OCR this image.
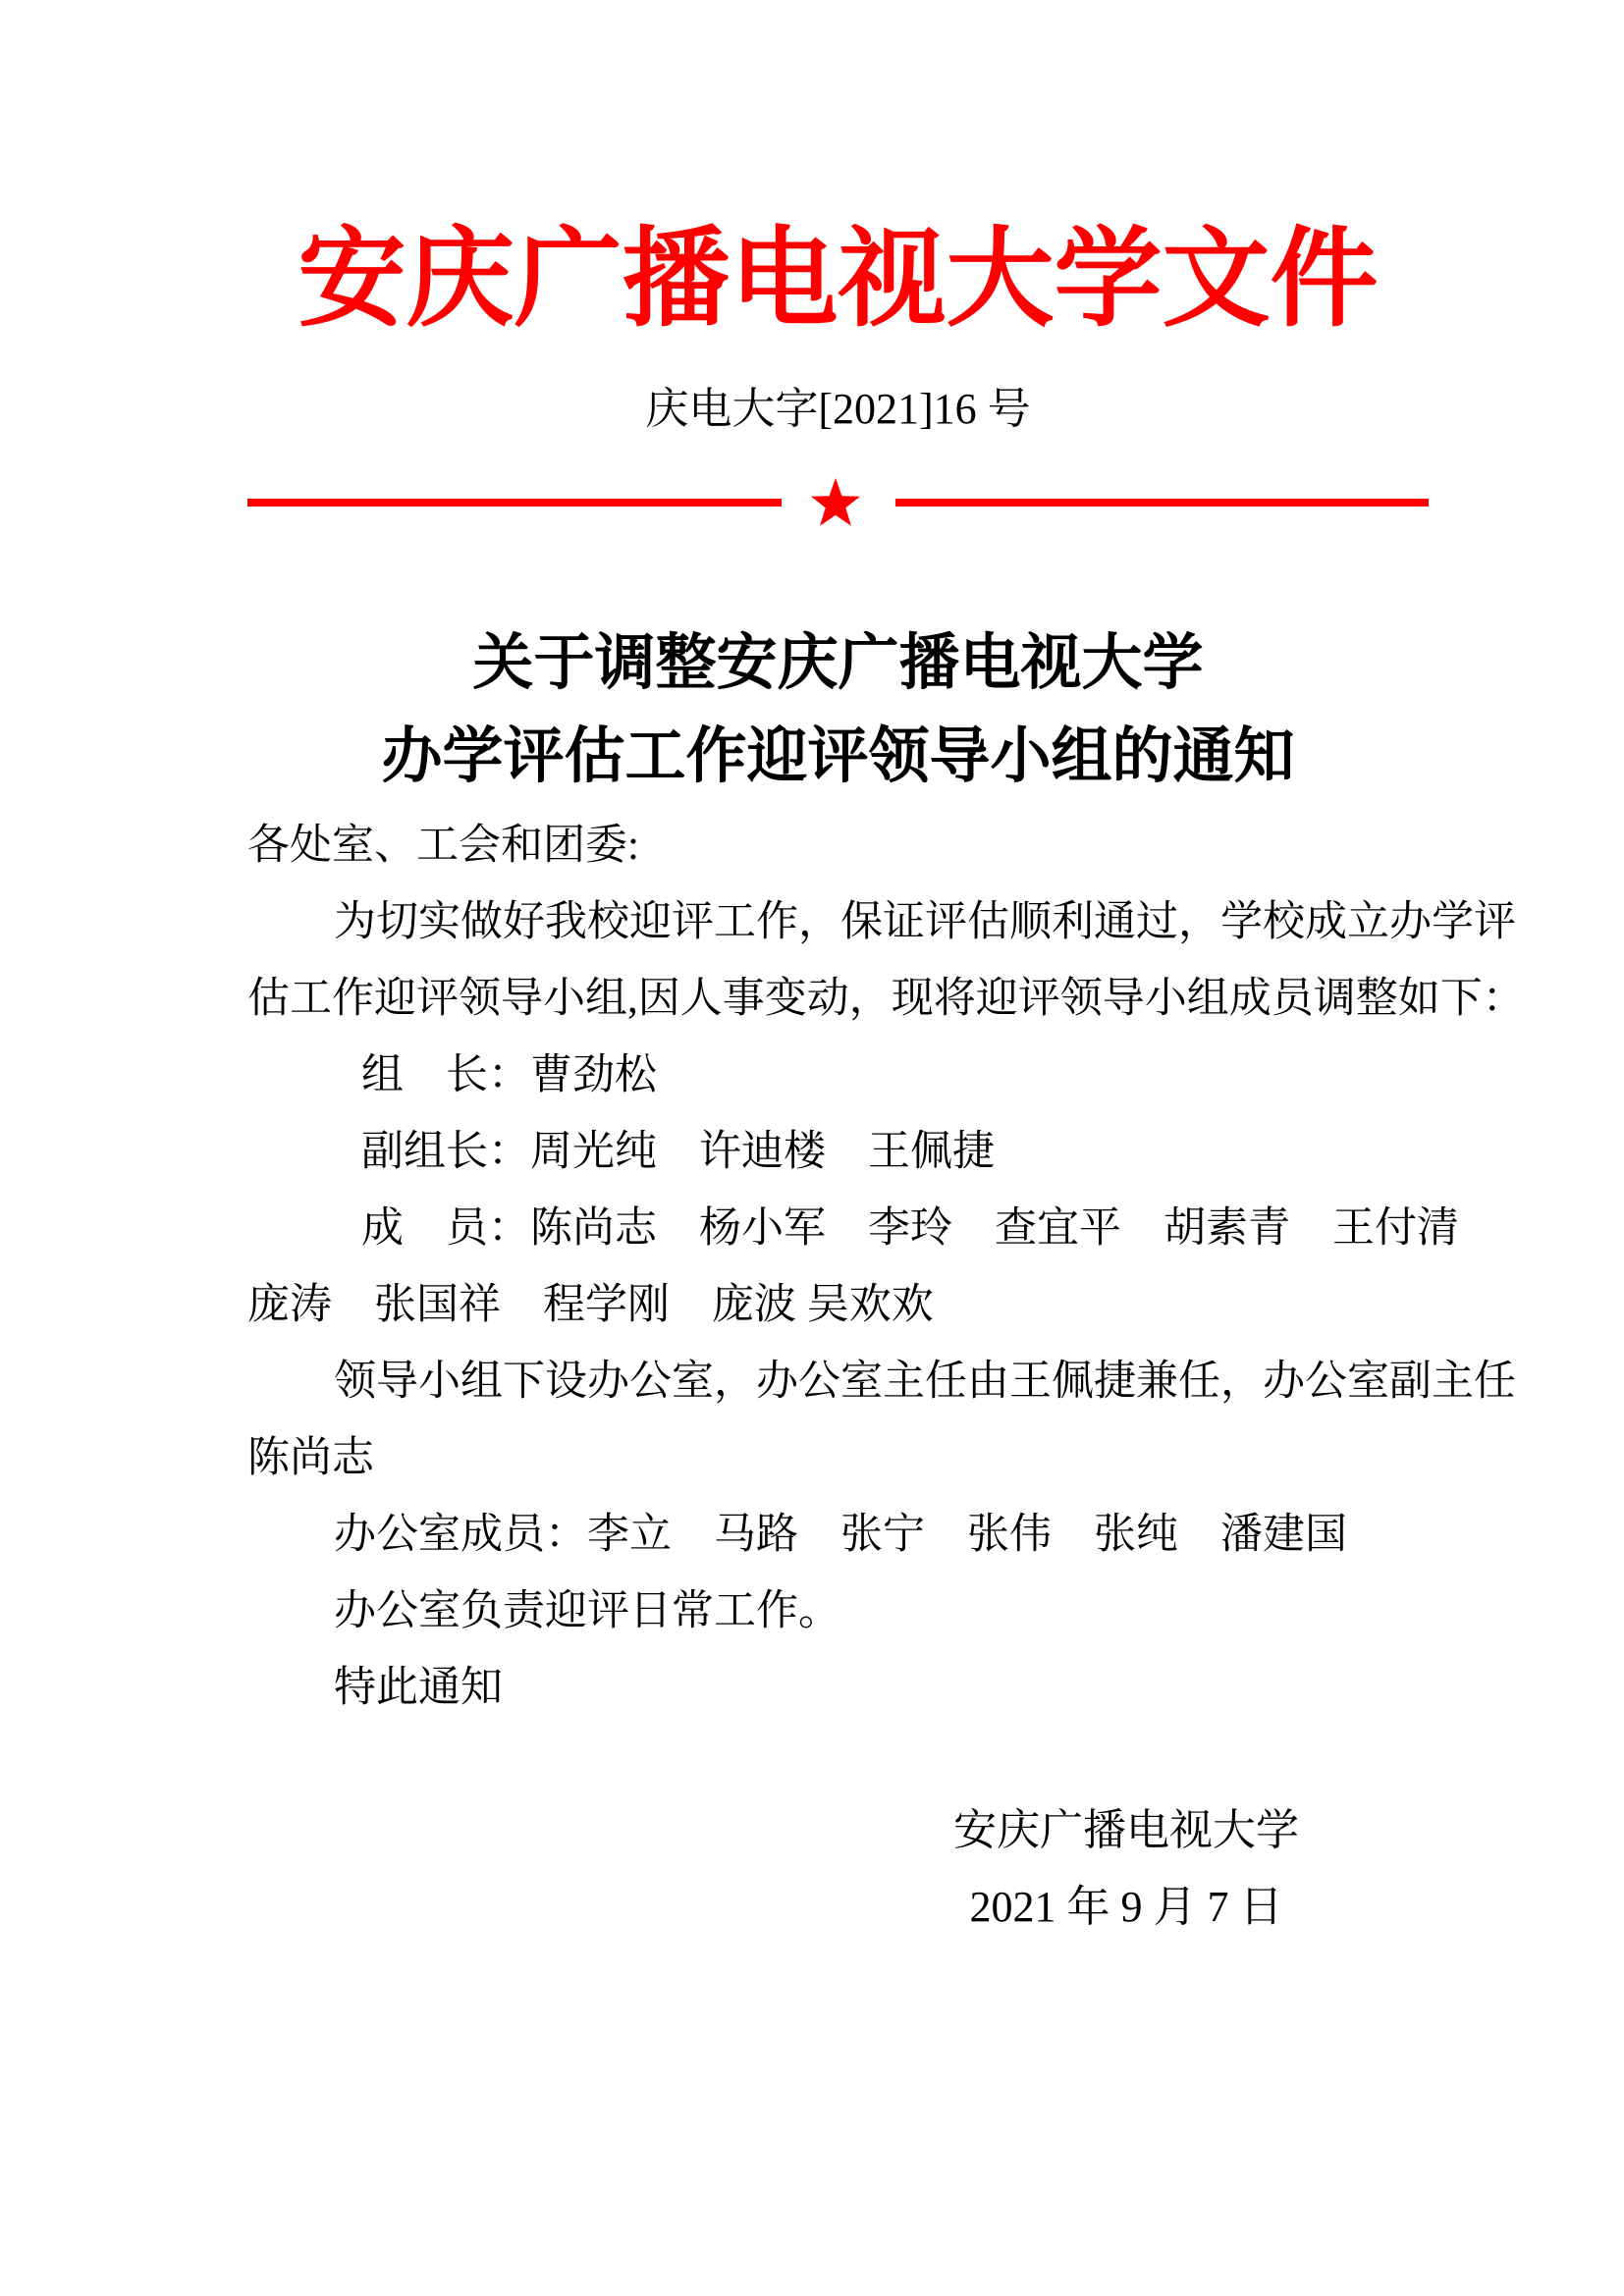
安庆广播电视大学文件
庆电大字[2021]16 号
关于调整安庆广播电视大学
办学评估工作迎评领导小组的通知
各处室、工会和团委:
为切实做好我校迎评工作，保证评估顺利通过，学校成立办学评
估工作迎评领导小组,因人事变动，现将迎评领导小组成员调整如下：
组　长：曹劲松
副组长：周光纯　许迪楼　王佩捷
成　员：陈尚志　杨小军　李玲　查宜平　胡素青　王付清
庞涛　张国祥　程学刚　庞波 吴欢欢
领导小组下设办公室，办公室主任由王佩捷兼任，办公室副主任
陈尚志
办公室成员：李立　马路　张宁　张伟　张纯　潘建国
办公室负责迎评日常工作。
特此通知
安庆广播电视大学
2021 年 9 月 7 日
